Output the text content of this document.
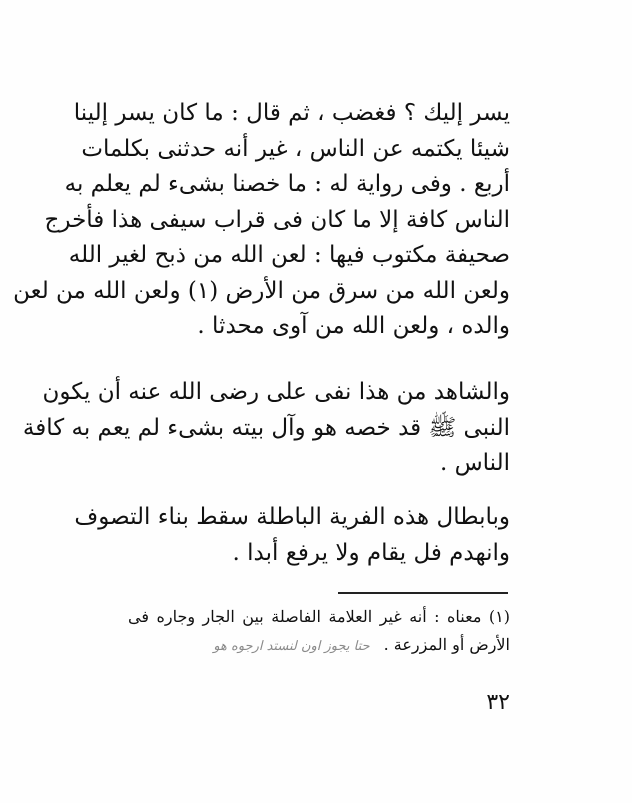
يسر إليك ؟ فغضب ، ثم قال : ما كان يسر إلينا
شيئا يكتمه عن الناس ، غير أنه حدثنى بكلمات
أربع . وفى رواية له : ما خصنا بشىء لم يعلم به
الناس كافة إلا ما كان فى قراب سيفى هذا فأخرج
صحيفة مكتوب فيها : لعن الله من ذبح لغير الله
ولعن الله من سرق من الأرض (١) ولعن الله من لعن
والده ، ولعن الله من آوى محدثا .
والشاهد من هذا نفى على رضى الله عنه أن يكون
النبى ﷺ قد خصه هو وآل بيته بشىء لم يعم به كافة
الناس .
وبابطال هذه الفرية الباطلة سقط بناء التصوف
وانهدم فل يقام ولا يرفع أبدا .
(١) معناه : أنه غير العلامة الفاصلة بين الجار وجاره فى
الأرض أو المزرعة .حتا يجوز اون لنستد ارجوه هو
٣٢
